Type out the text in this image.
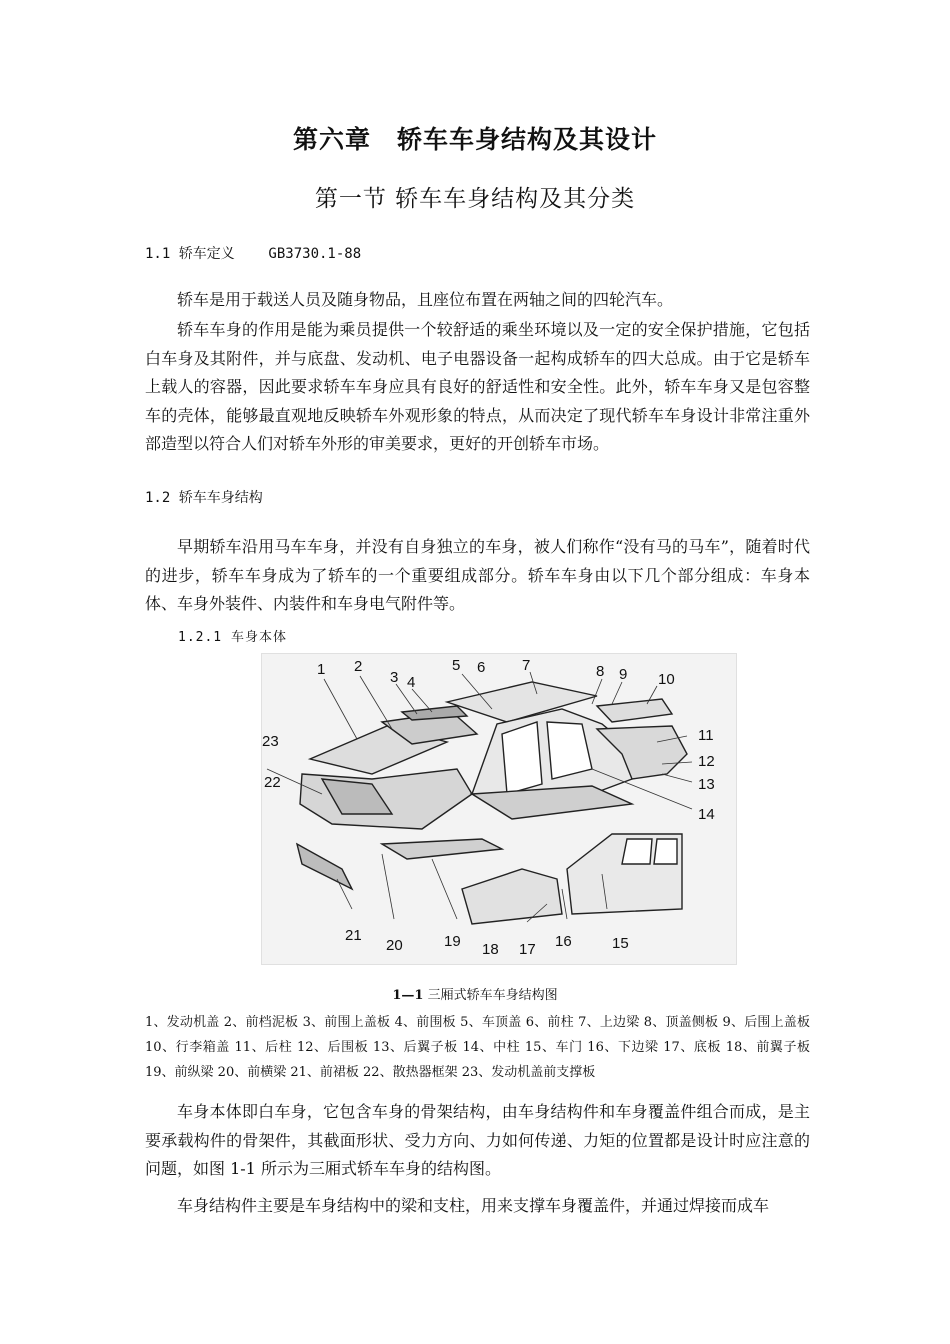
第六章　轿车车身结构及其设计
第一节 轿车车身结构及其分类
1.1 轿车定义    GB3730.1-88

轿车是用于载送人员及随身物品，且座位布置在两轴之间的四轮汽车。

轿车车身的作用是能为乘员提供一个较舒适的乘坐环境以及一定的安全保护措施，它包括白车身及其附件，并与底盘、发动机、电子电器设备一起构成轿车的四大总成。由于它是轿车上载人的容器，因此要求轿车车身应具有良好的舒适性和安全性。此外，轿车车身又是包容整车的壳体，能够最直观地反映轿车外观形象的特点，从而决定了现代轿车车身设计非常注重外部造型以符合人们对轿车外形的审美要求，更好的开创轿车市场。

1.2 轿车车身结构

早期轿车沿用马车车身，并没有自身独立的车身，被人们称作“没有马的马车”，随着时代的进步，轿车车身成为了轿车的一个重要组成部分。轿车车身由以下几个部分组成：车身本体、车身外装件、内装件和车身电气附件等。

1.2.1 车身本体
1 2
3 4
5 6 7	8 9 10
11
12
13
14
15
16
17
18
19
20
21
22
23
1—1 三厢式轿车车身结构图

1、发动机盖 2、前档泥板 3、前围上盖板 4、前围板 5、车顶盖 6、前柱 7、上边梁 8、顶盖侧板 9、后围上盖板 10、行李箱盖 11、后柱 12、后围板 13、后翼子板 14、中柱 15、车门 16、下边梁 17、底板 18、前翼子板 19、前纵梁 20、前横梁 21、前裙板 22、散热器框架 23、发动机盖前支撑板

车身本体即白车身，它包含车身的骨架结构，由车身结构件和车身覆盖件组合而成，是主要承载构件的骨架件，其截面形状、受力方向、力如何传递、力矩的位置都是设计时应注意的问题，如图 1-1 所示为三厢式轿车车身的结构图。

车身结构件主要是车身结构中的梁和支柱，用来支撑车身覆盖件，并通过焊接而成车
